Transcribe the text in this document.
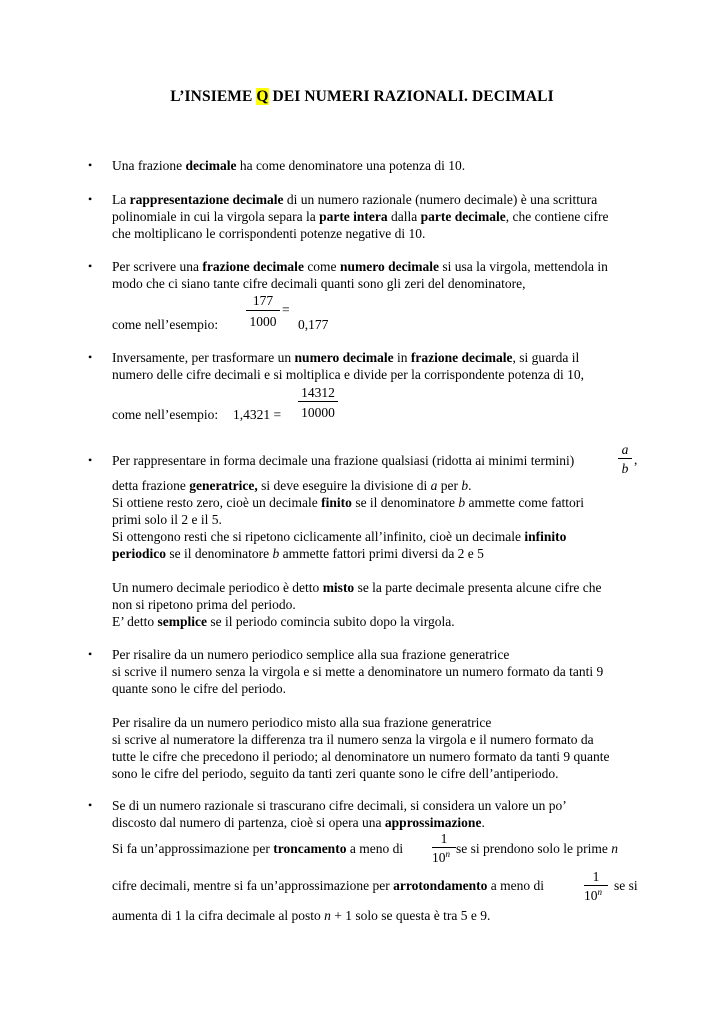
L’INSIEME Q DEI NUMERI RAZIONALI. DECIMALI
• Una frazione decimale ha come denominatore una potenza di 10.
• La rappresentazione decimale di un numero razionale (numero decimale) è una scrittura
polinomiale in cui la virgola separa la parte intera dalla parte decimale, che contiene cifre
che moltiplicano le corrispondenti potenze negative di 10.
• Per scrivere una frazione decimale come numero decimale si usa la virgola, mettendola in
modo che ci siano tante cifre decimali quanti sono gli zeri del denominatore,
177
=
come nell’esempio: 1000 0,177
• Inversamente, per trasformare un numero decimale in frazione decimale, si guarda il
numero delle cifre decimali e si moltiplica e divide per la corrispondente potenza di 10,
14312
come nell’esempio: 1,4321 = 10000
• Per rappresentare in forma decimale una frazione qualsiasi (ridotta ai minimi termini)
a
b
,
detta frazione generatrice, si deve eseguire la divisione di a per b.
Si ottiene resto zero, cioè un decimale finito se il denominatore b ammette come fattori
primi solo il 2 e il 5.
Si ottengono resti che si ripetono ciclicamente all’infinito, cioè un decimale infinito
periodico se il denominatore b ammette fattori primi diversi da 2 e 5
Un numero decimale periodico è detto misto se la parte decimale presenta alcune cifre che
non si ripetono prima del periodo.
E’ detto semplice se il periodo comincia subito dopo la virgola.
• Per risalire da un numero periodico semplice alla sua frazione generatrice
si scrive il numero senza la virgola e si mette a denominatore un numero formato da tanti 9
quante sono le cifre del periodo.
Per risalire da un numero periodico misto alla sua frazione generatrice
si scrive al numeratore la differenza tra il numero senza la virgola e il numero formato da
tutte le cifre che precedono il periodo; al denominatore un numero formato da tanti 9 quante
sono le cifre del periodo, seguito da tanti zeri quante sono le cifre dell’antiperiodo.
• Se di un numero razionale si trascurano cifre decimali, si considera un valore un po’
discosto dal numero di partenza, cioè si opera una approssimazione.
Si fa un’approssimazione per troncamento a meno di
1
10$^n$ se si prendono solo le prime n
cifre decimali, mentre si fa un’approssimazione per arrotondamento a meno di
1
10$^n$ se si
aumenta di 1 la cifra decimale al posto n + 1 solo se questa è tra 5 e 9.
